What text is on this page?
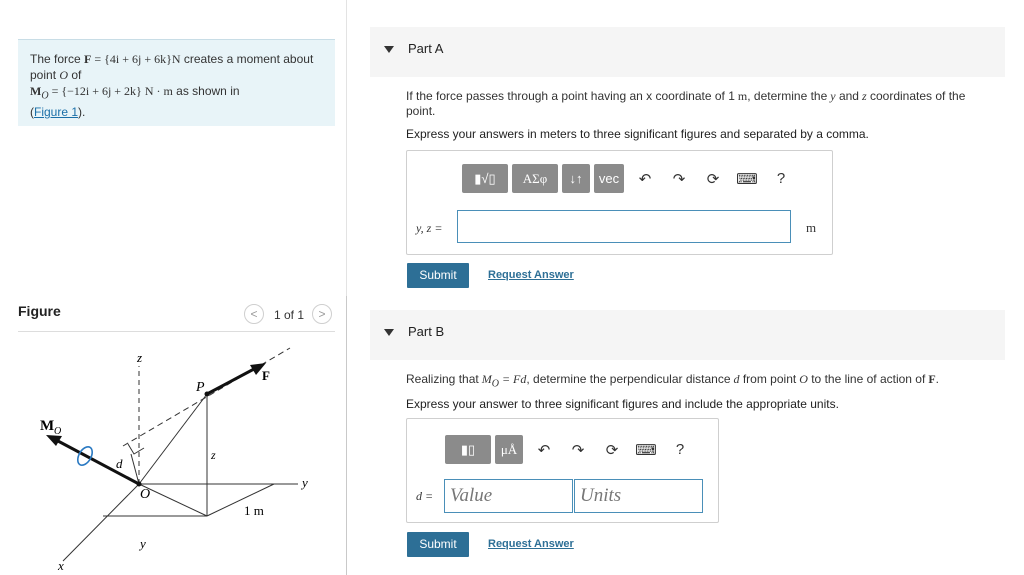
The force F = {4i + 6j + 6k}N creates a moment about point O of
$M_O = \{-12i + 6j + 2k\} N \cdot m$ as shown in
(Figure 1).
Figure	<	1 of 1	>
z
F
P
M O
d
z
O
y
1 m
y
x
Part A
If the force passes through a point having an x coordinate of 1 m, determine the y and z coordinates of the point.
Express your answers in meters to three significant figures and separated by a comma.
▮√▯	ΑΣφ	↓↑	vec	↶	↷	⟳	⌨	?
y, z =	m
Submit	Request Answer
Part B
Realizing that $M_O = Fd$, determine the perpendicular distance d from point O to the line of action of F.
Express your answer to three significant figures and include the appropriate units.
▮▯	μÅ	↶	↷	⟳	⌨	?
d = Value	Units
Submit	Request Answer
